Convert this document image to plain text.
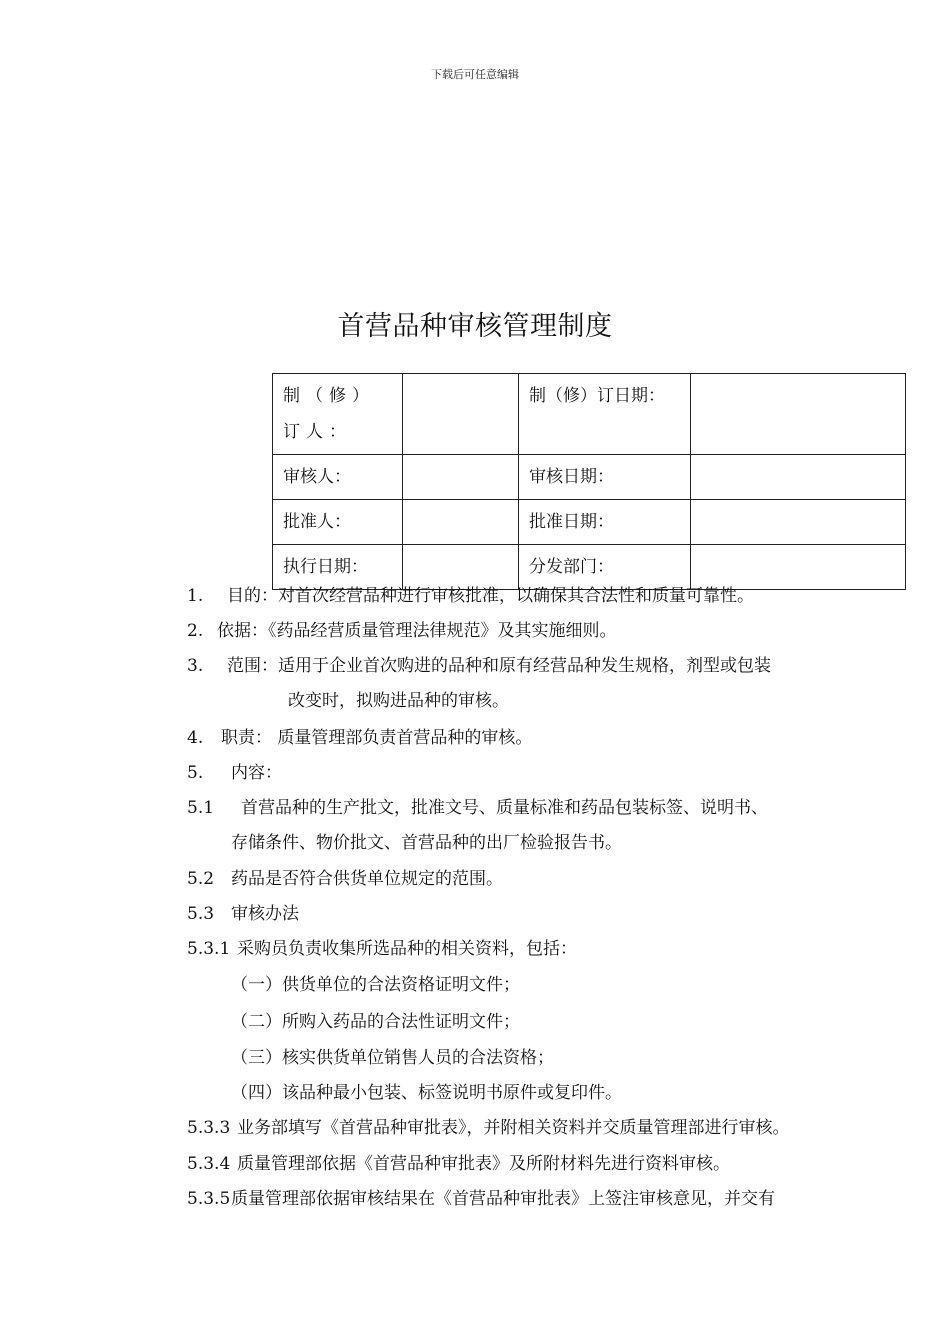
下载后可任意编辑
首营品种审核管理制度
制（修）订人：		制（修）订日期：	
审核人：		审核日期：	
批准人：		批准日期：	
执行日期：		分发部门：	
1. 目的：对首次经营品种进行审核批准，以确保其合法性和质量可靠性。
2. 依据：《药品经营质量管理法律规范》及其实施细则。
3. 范围：适用于企业首次购进的品种和原有经营品种发生规格，剂型或包装
改变时，拟购进品种的审核。
4. 职责： 质量管理部负责首营品种的审核。
5. 内容：
5.1 首营品种的生产批文，批准文号、质量标准和药品包装标签、说明书、
存储条件、物价批文、首营品种的出厂检验报告书。
5.2 药品是否符合供货单位规定的范围。
5.3 审核办法
5.3.1 采购员负责收集所选品种的相关资料，包括：
（一）供货单位的合法资格证明文件；
（二）所购入药品的合法性证明文件；
（三）核实供货单位销售人员的合法资格；
（四）该品种最小包装、标签说明书原件或复印件。
5.3.3 业务部填写《首营品种审批表》，并附相关资料并交质量管理部进行审核。
5.3.4 质量管理部依据《首营品种审批表》及所附材料先进行资料审核。
5.3.5质量管理部依据审核结果在《首营品种审批表》上签注审核意见，并交有
